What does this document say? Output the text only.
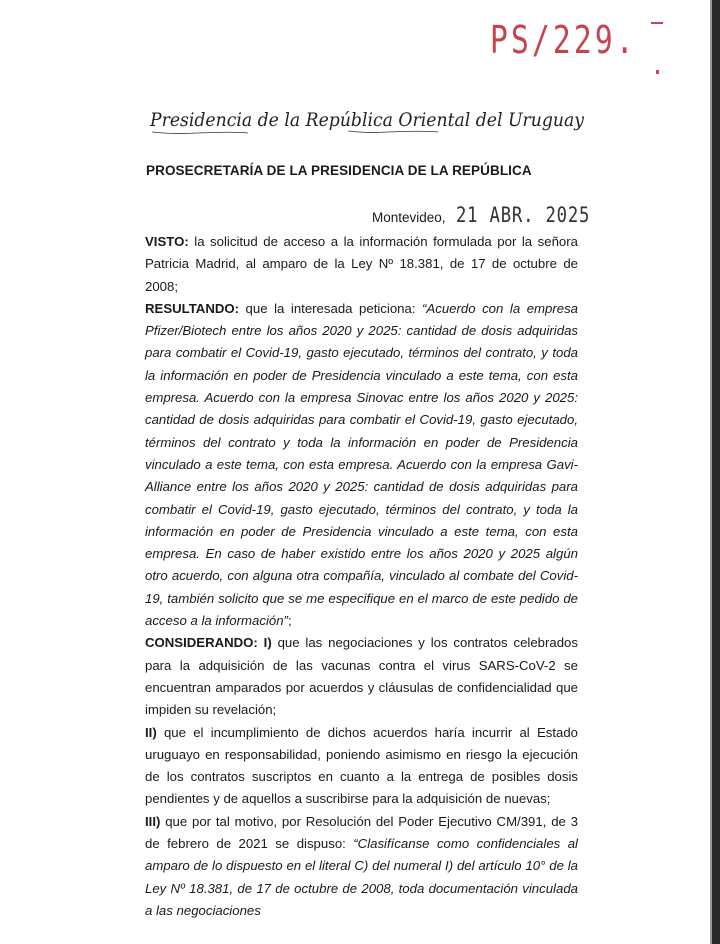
PS/229.
Presidencia de la República Oriental del Uruguay
PROSECRETARÍA DE LA PRESIDENCIA DE LA REPÚBLICA
Montevideo, 21 ABR. 2025

VISTO: la solicitud de acceso a la información formulada por la señora Patricia Madrid, al amparo de la Ley Nº 18.381, de 17 de octubre de 2008;

RESULTANDO: que la interesada peticiona: “Acuerdo con la empresa Pfizer/Biotech entre los años 2020 y 2025: cantidad de dosis adquiridas para combatir el Covid-19, gasto ejecutado, términos del contrato, y toda la información en poder de Presidencia vinculado a este tema, con esta empresa. Acuerdo con la empresa Sinovac entre los años 2020 y 2025: cantidad de dosis adquiridas para combatir el Covid-19, gasto ejecutado, términos del contrato y toda la información en poder de Presidencia vinculado a este tema, con esta empresa. Acuerdo con la empresa Gavi-Alliance entre los años 2020 y 2025: cantidad de dosis adquiridas para combatir el Covid-19, gasto ejecutado, términos del contrato, y toda la información en poder de Presidencia vinculado a este tema, con esta empresa. En caso de haber existido entre los años 2020 y 2025 algún otro acuerdo, con alguna otra compañía, vinculado al combate del Covid-19, también solicito que se me especifique en el marco de este pedido de acceso a la información”;

CONSIDERANDO: I) que las negociaciones y los contratos celebrados para la adquisición de las vacunas contra el virus SARS-CoV-2 se encuentran amparados por acuerdos y cláusulas de confidencialidad que impiden su revelación;

II) que el incumplimiento de dichos acuerdos haría incurrir al Estado uruguayo en responsabilidad, poniendo asimismo en riesgo la ejecución de los contratos suscriptos en cuanto a la entrega de posibles dosis pendientes y de aquellos a suscribirse para la adquisición de nuevas;

III) que por tal motivo, por Resolución del Poder Ejecutivo CM/391, de 3 de febrero de 2021 se dispuso: “Clasifícanse como confidenciales al amparo de lo dispuesto en el literal C) del numeral I) del artículo 10° de la Ley Nº 18.381, de 17 de octubre de 2008, toda documentación vinculada a las negociaciones
